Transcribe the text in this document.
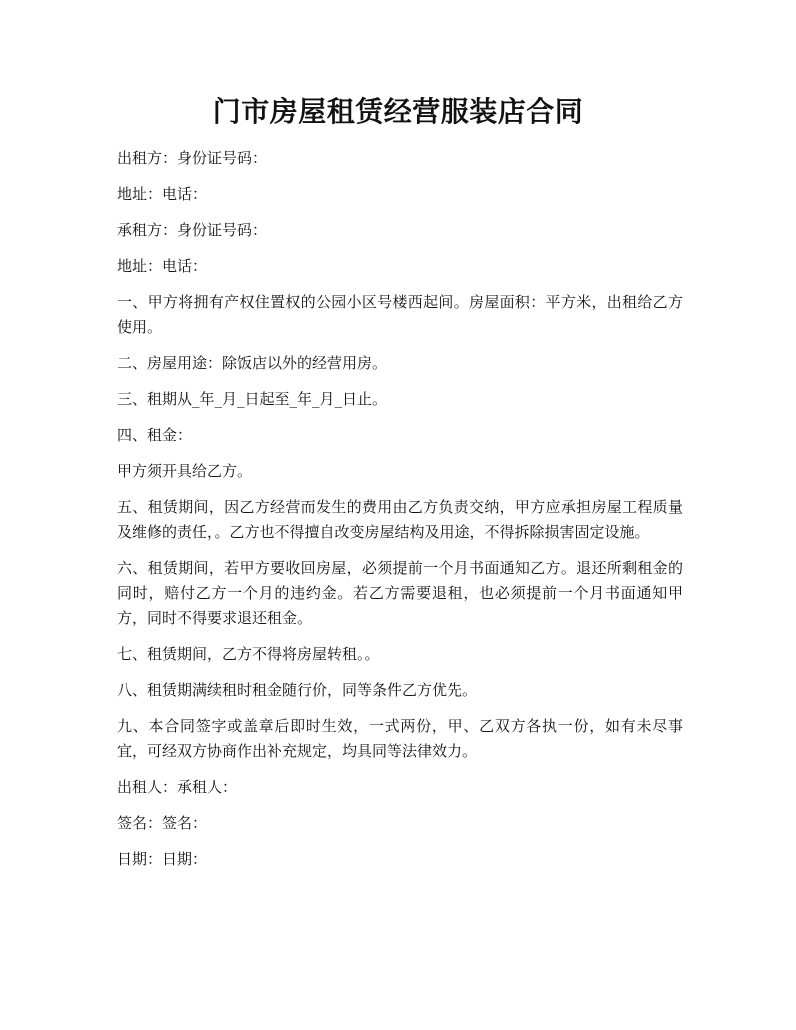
门市房屋租赁经营服装店合同

出租方：身份证号码：

地址：电话：

承租方：身份证号码：

地址：电话：

一、甲方将拥有产权住置权的公园小区号楼西起间。房屋面积：平方米，出租给乙方使用。

二、房屋用途：除饭店以外的经营用房。

三、租期从_年_月_日起至_年_月_日止。

四、租金：

甲方须开具给乙方。

五、租赁期间，因乙方经营而发生的费用由乙方负责交纳，甲方应承担房屋工程质量及维修的责任，。乙方也不得擅自改变房屋结构及用途，不得拆除损害固定设施。

六、租赁期间，若甲方要收回房屋，必须提前一个月书面通知乙方。退还所剩租金的同时，赔付乙方一个月的违约金。若乙方需要退租，也必须提前一个月书面通知甲方，同时不得要求退还租金。

七、租赁期间，乙方不得将房屋转租。。

八、租赁期满续租时租金随行价，同等条件乙方优先。

九、本合同签字或盖章后即时生效，一式两份，甲、乙双方各执一份，如有未尽事宜，可经双方协商作出补充规定，均具同等法律效力。

出租人：承租人：

签名：签名：

日期：日期：
